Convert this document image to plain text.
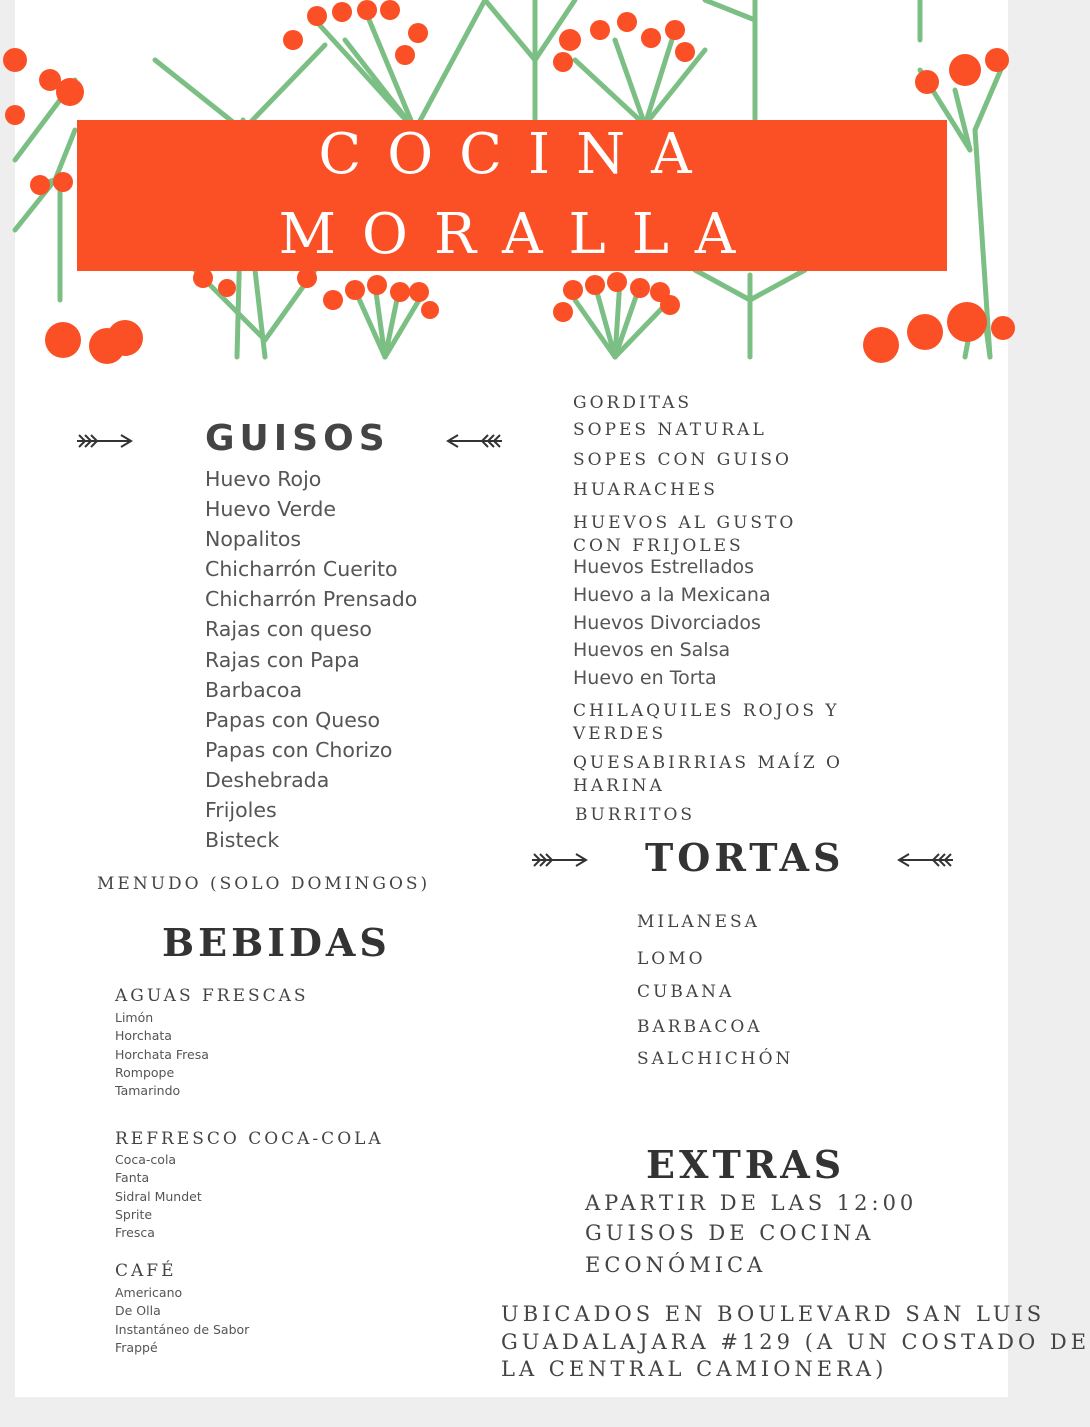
COCINA
MORALLA
GUISOS
Huevo Rojo
Huevo Verde
Nopalitos
Chicharrón Cuerito
Chicharrón Prensado
Rajas con queso
Rajas con Papa
Barbacoa
Papas con Queso
Papas con Chorizo
Deshebrada
Frijoles
Bisteck

MENUDO (SOLO DOMINGOS)

GORDITAS

SOPES NATURAL

SOPES CON GUISO

HUARACHES

HUEVOS AL GUSTO

CON FRIJOLES

Huevos Estrellados
Huevo a la Mexicana
Huevos Divorciados
Huevos en Salsa
Huevo en Torta

CHILAQUILES ROJOS Y

VERDES

QUESABIRRIAS MAÍZ O

HARINA

BURRITOS

TORTAS

MILANESA

LOMO

CUBANA

BARBACOA

SALCHICHÓN

BEBIDAS

AGUAS FRESCAS

Limón
Horchata
Horchata Fresa
Rompope
Tamarindo

REFRESCO COCA-COLA

Coca-cola
Fanta
Sidral Mundet
Sprite
Fresca

CAFÉ

Americano
De Olla
Instantáneo de Sabor
Frappé
EXTRAS

APARTIR DE LAS 12:00

GUISOS DE COCINA

ECONÓMICA

UBICADOS EN BOULEVARD SAN LUIS

GUADALAJARA #129 (A UN COSTADO DE

LA CENTRAL CAMIONERA)
